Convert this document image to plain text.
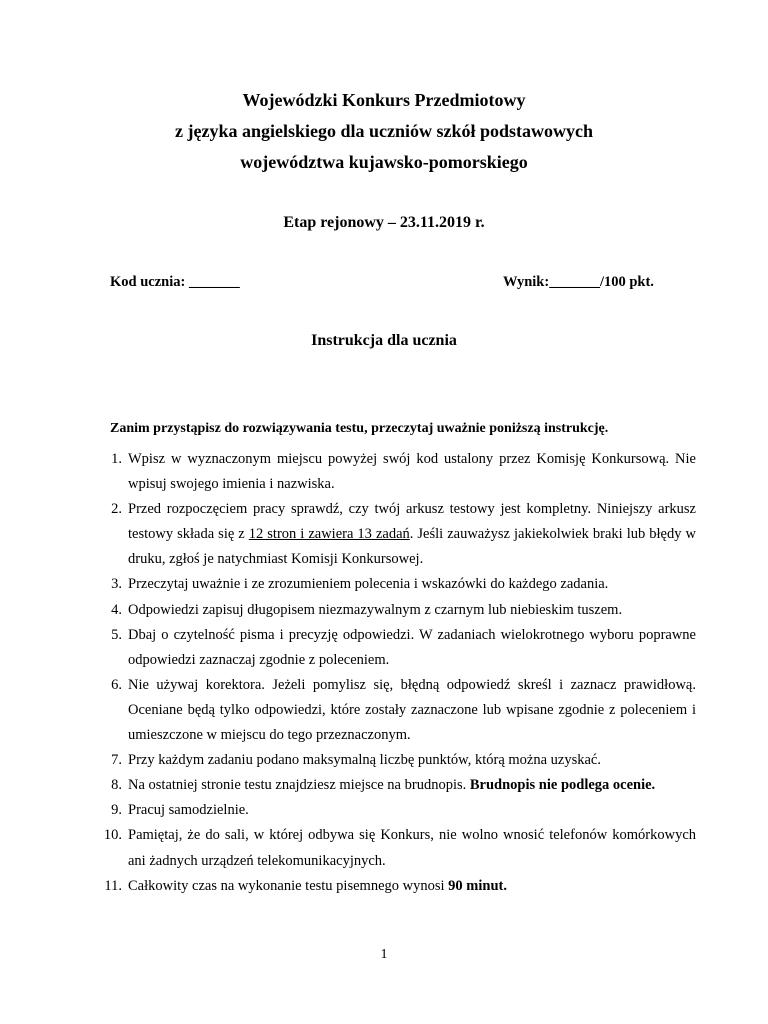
Wojewódzki Konkurs Przedmiotowy
z języka angielskiego dla uczniów szkół podstawowych
województwa kujawsko-pomorskiego
Etap rejonowy – 23.11.2019 r.
Kod ucznia: _______	Wynik:_______/100 pkt.
Instrukcja dla ucznia
Zanim przystąpisz do rozwiązywania testu, przeczytaj uważnie poniższą instrukcję.
1. Wpisz w wyznaczonym miejscu powyżej swój kod ustalony przez Komisję Konkursową. Nie wpisuj swojego imienia i nazwiska.
2. Przed rozpoczęciem pracy sprawdź, czy twój arkusz testowy jest kompletny. Niniejszy arkusz testowy składa się z 12 stron i zawiera 13 zadań. Jeśli zauważysz jakiekolwiek braki lub błędy w druku, zgłoś je natychmiast Komisji Konkursowej.
3. Przeczytaj uważnie i ze zrozumieniem polecenia i wskazówki do każdego zadania.
4. Odpowiedzi zapisuj długopisem niezmazywalnym z czarnym lub niebieskim tuszem.
5. Dbaj o czytelność pisma i precyzję odpowiedzi. W zadaniach wielokrotnego wyboru poprawne odpowiedzi zaznaczaj zgodnie z poleceniem.
6. Nie używaj korektora. Jeżeli pomylisz się, błędną odpowiedź skreśl i zaznacz prawidłową. Oceniane będą tylko odpowiedzi, które zostały zaznaczone lub wpisane zgodnie z poleceniem i umieszczone w miejscu do tego przeznaczonym.
7. Przy każdym zadaniu podano maksymalną liczbę punktów, którą można uzyskać.
8. Na ostatniej stronie testu znajdziesz miejsce na brudnopis. Brudnopis nie podlega ocenie.
9. Pracuj samodzielnie.
10. Pamiętaj, że do sali, w której odbywa się Konkurs, nie wolno wnosić telefonów komórkowych ani żadnych urządzeń telekomunikacyjnych.
11. Całkowity czas na wykonanie testu pisemnego wynosi 90 minut.
1
